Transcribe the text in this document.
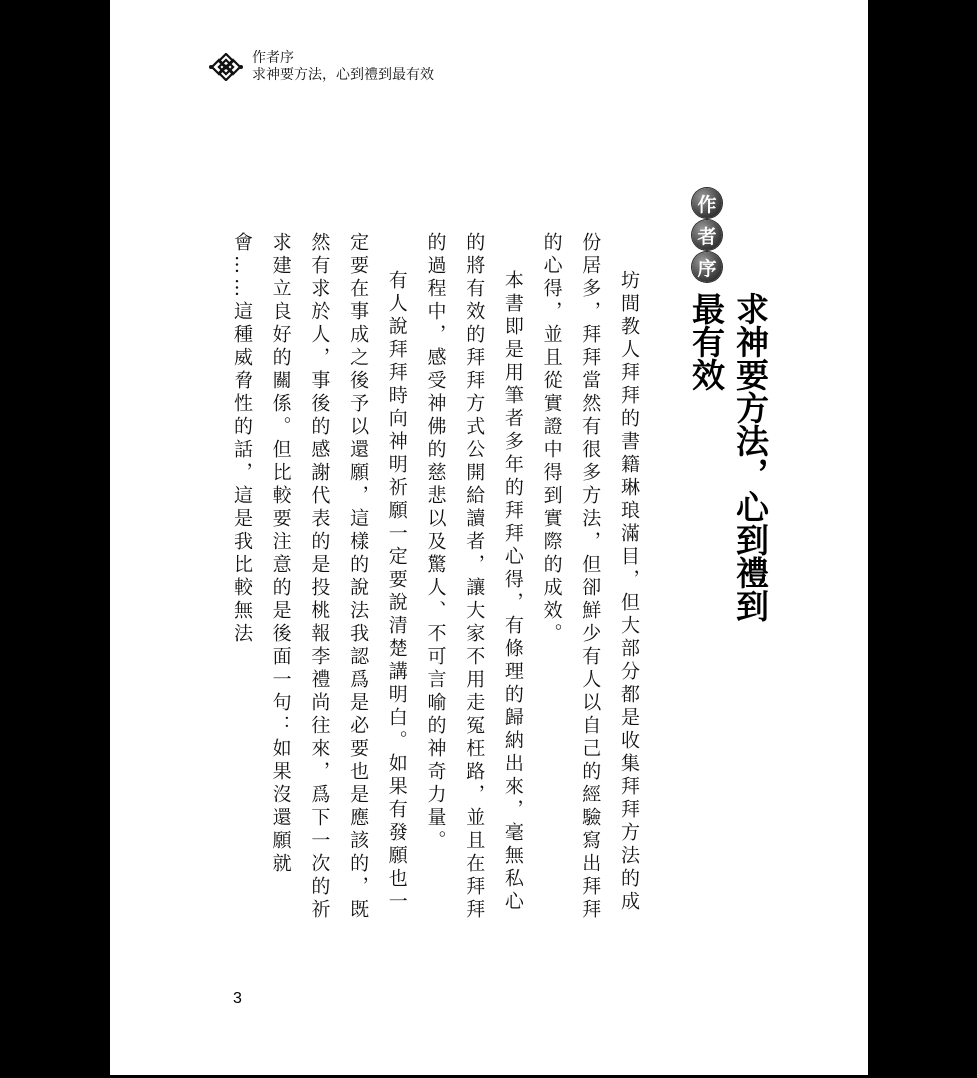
作者序
求神要方法，心到禮到最有效
作
者
序
求神要方法，心到禮到最有效

坊間教人拜拜的書籍琳琅滿目，但大部分都是收集拜拜方法的成份居多，拜拜當然有很多方法，但卻鮮少有人以自己的經驗寫出拜拜的心得，並且從實證中得到實際的成效。

本書即是用筆者多年的拜拜心得，有條理的歸納出來，毫無私心的將有效的拜拜方式公開給讀者，讓大家不用走冤枉路，並且在拜拜的過程中，感受神佛的慈悲以及驚人、不可言喻的神奇力量。

有人說拜拜時向神明祈願一定要說清楚講明白。如果有發願也一定要在事成之後予以還願，這樣的說法我認爲是必要也是應該的，既然有求於人，事後的感謝代表的是投桃報李禮尚往來，爲下一次的祈求建立良好的關係。但比較要注意的是後面一句：如果沒還願就會……這種威脅性的話，這是我比較無法

3
